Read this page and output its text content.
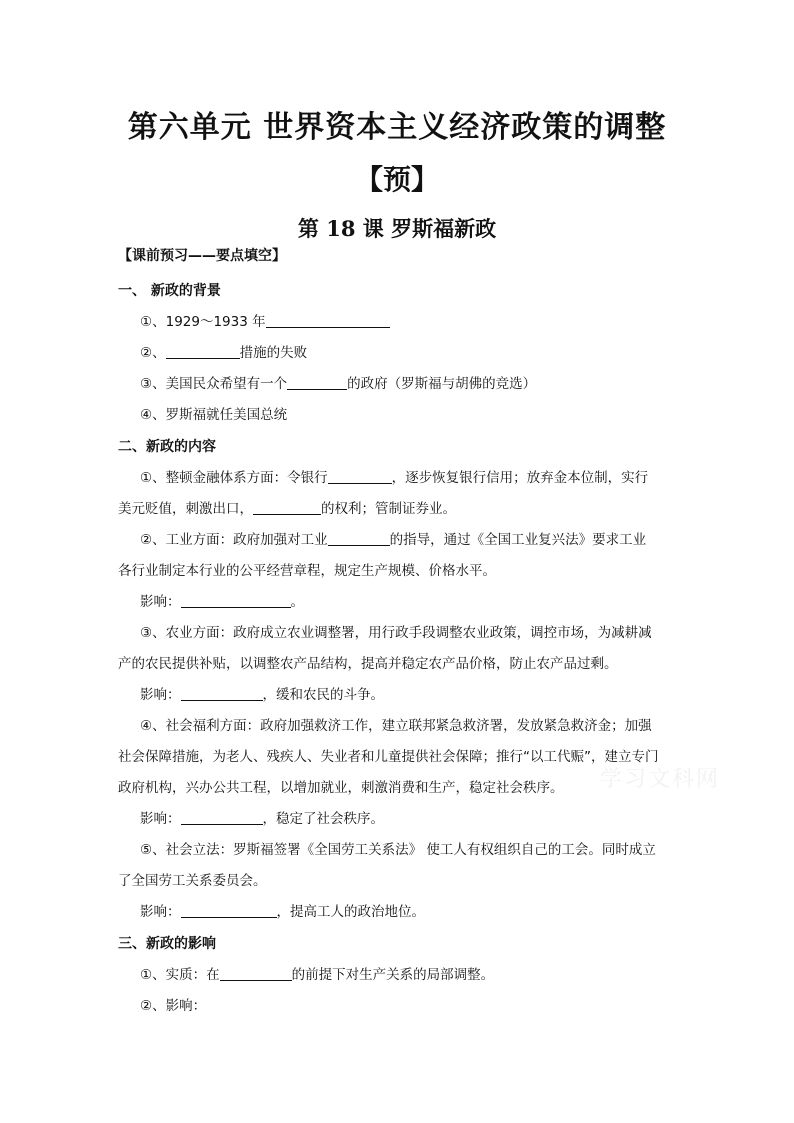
第六单元 世界资本主义经济政策的调整
【预】
第 18 课 罗斯福新政
【课前预习——要点填空】
一、 新政的背景
①、1929～1933 年
②、	措施的失败
③、美国民众希望有一个	的政府（罗斯福与胡佛的竞选）
④、罗斯福就任美国总统
二、新政的内容
①、整顿金融体系方面：令银行	，逐步恢复银行信用；放弃金本位制，实行
美元贬值，刺激出口，	的权利；管制证券业。
②、工业方面：政府加强对工业	的指导，通过《全国工业复兴法》要求工业
各行业制定本行业的公平经营章程，规定生产规模、价格水平。
影响：	。
③、农业方面：政府成立农业调整署，用行政手段调整农业政策，调控市场，为减耕减
产的农民提供补贴，以调整农产品结构，提高并稳定农产品价格，防止农产品过剩。
影响：	，缓和农民的斗争。
④、社会福利方面：政府加强救济工作，建立联邦紧急救济署，发放紧急救济金；加强
社会保障措施，为老人、残疾人、失业者和儿童提供社会保障；推行“以工代赈”，建立专门
政府机构，兴办公共工程，以增加就业，刺激消费和生产，稳定社会秩序。
影响：	，稳定了社会秩序。
⑤、社会立法：罗斯福签署《全国劳工关系法》 使工人有权组织自己的工会。同时成立
了全国劳工关系委员会。
影响：	，提高工人的政治地位。
三、新政的影响
①、实质：在	的前提下对生产关系的局部调整。
②、影响：
学习文科网
